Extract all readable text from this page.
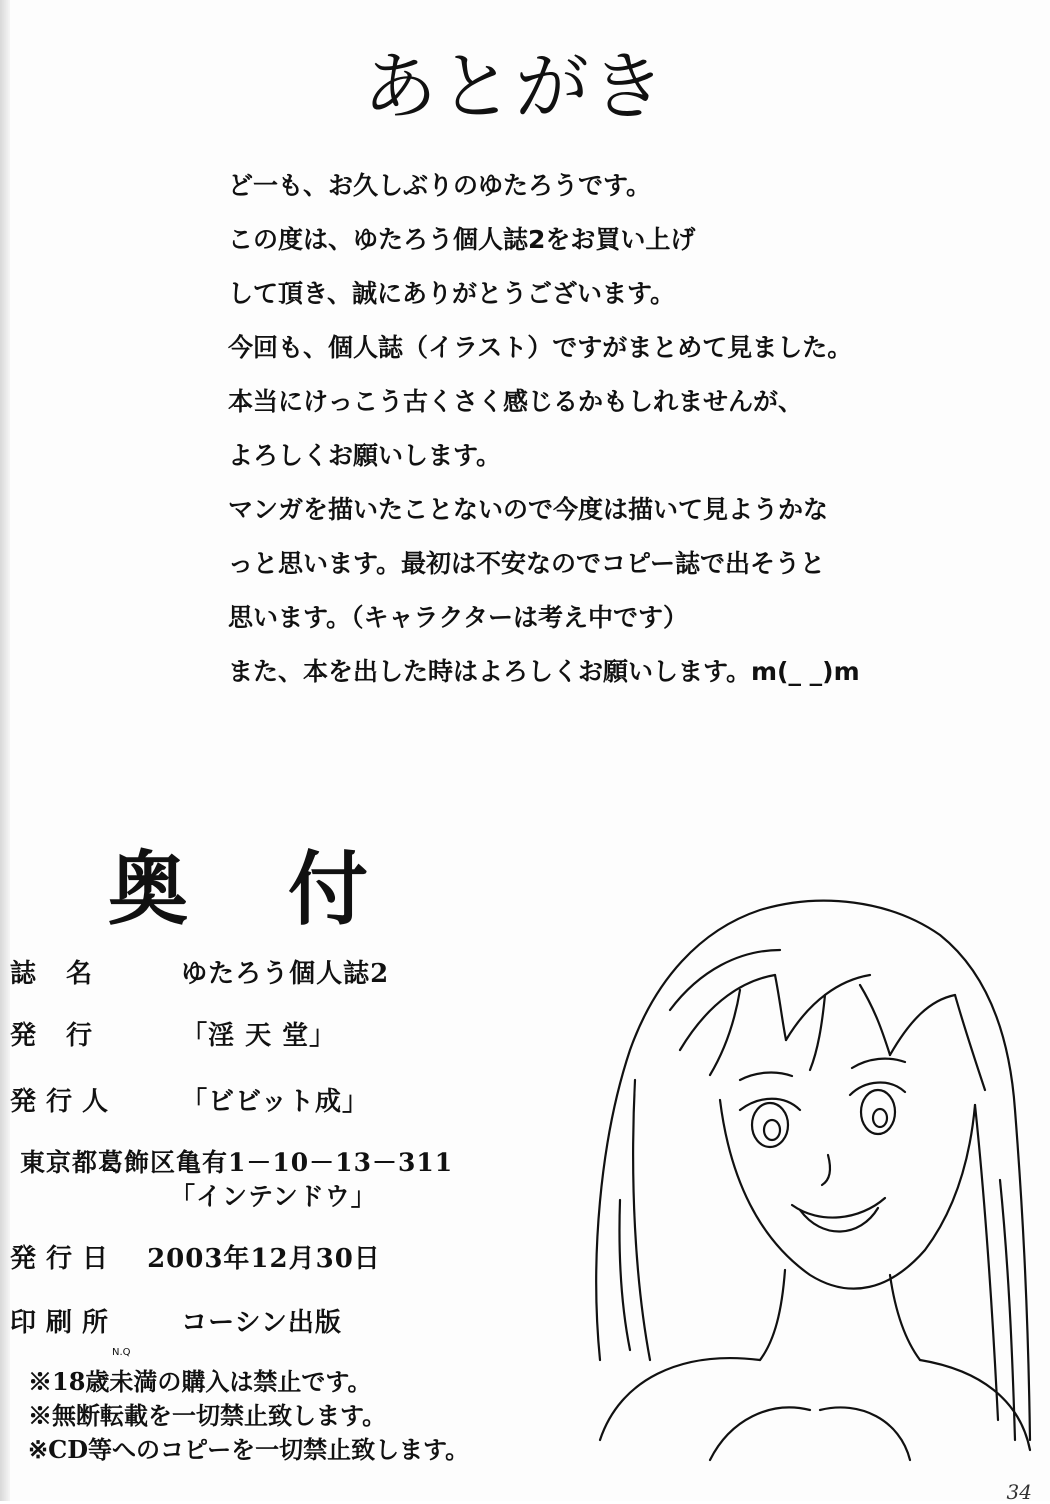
あとがき
ど一も、お久しぶりのゆたろうです。
この度は、ゆたろう個人誌2をお買い上げ
して頂き、誠にありがとうございます。
今回も、個人誌（イラスト）ですがまとめて見ました。
本当にけっこう古くさく感じるかもしれませんが、
よろしくお願いします。
マンガを描いたことないので今度は描いて見ようかな
っと思います。最初は不安なのでコピー誌で出そうと
思います。（キャラクターは考え中です）
また、本を出した時はよろしくお願いします。m(_ _)m
奥付
誌名 ゆたろう個人誌2
発行 「淫 天 堂」
発行人 「ビビット成」
東京都葛飾区亀有1－10－13－311
「インテンドウ」
発行日 2003年12月30日
印刷所 コーシン出版
N.Q
※18歳未満の購入は禁止です。
※無断転載を一切禁止致します。
※CD等へのコピーを一切禁止致します。
34
